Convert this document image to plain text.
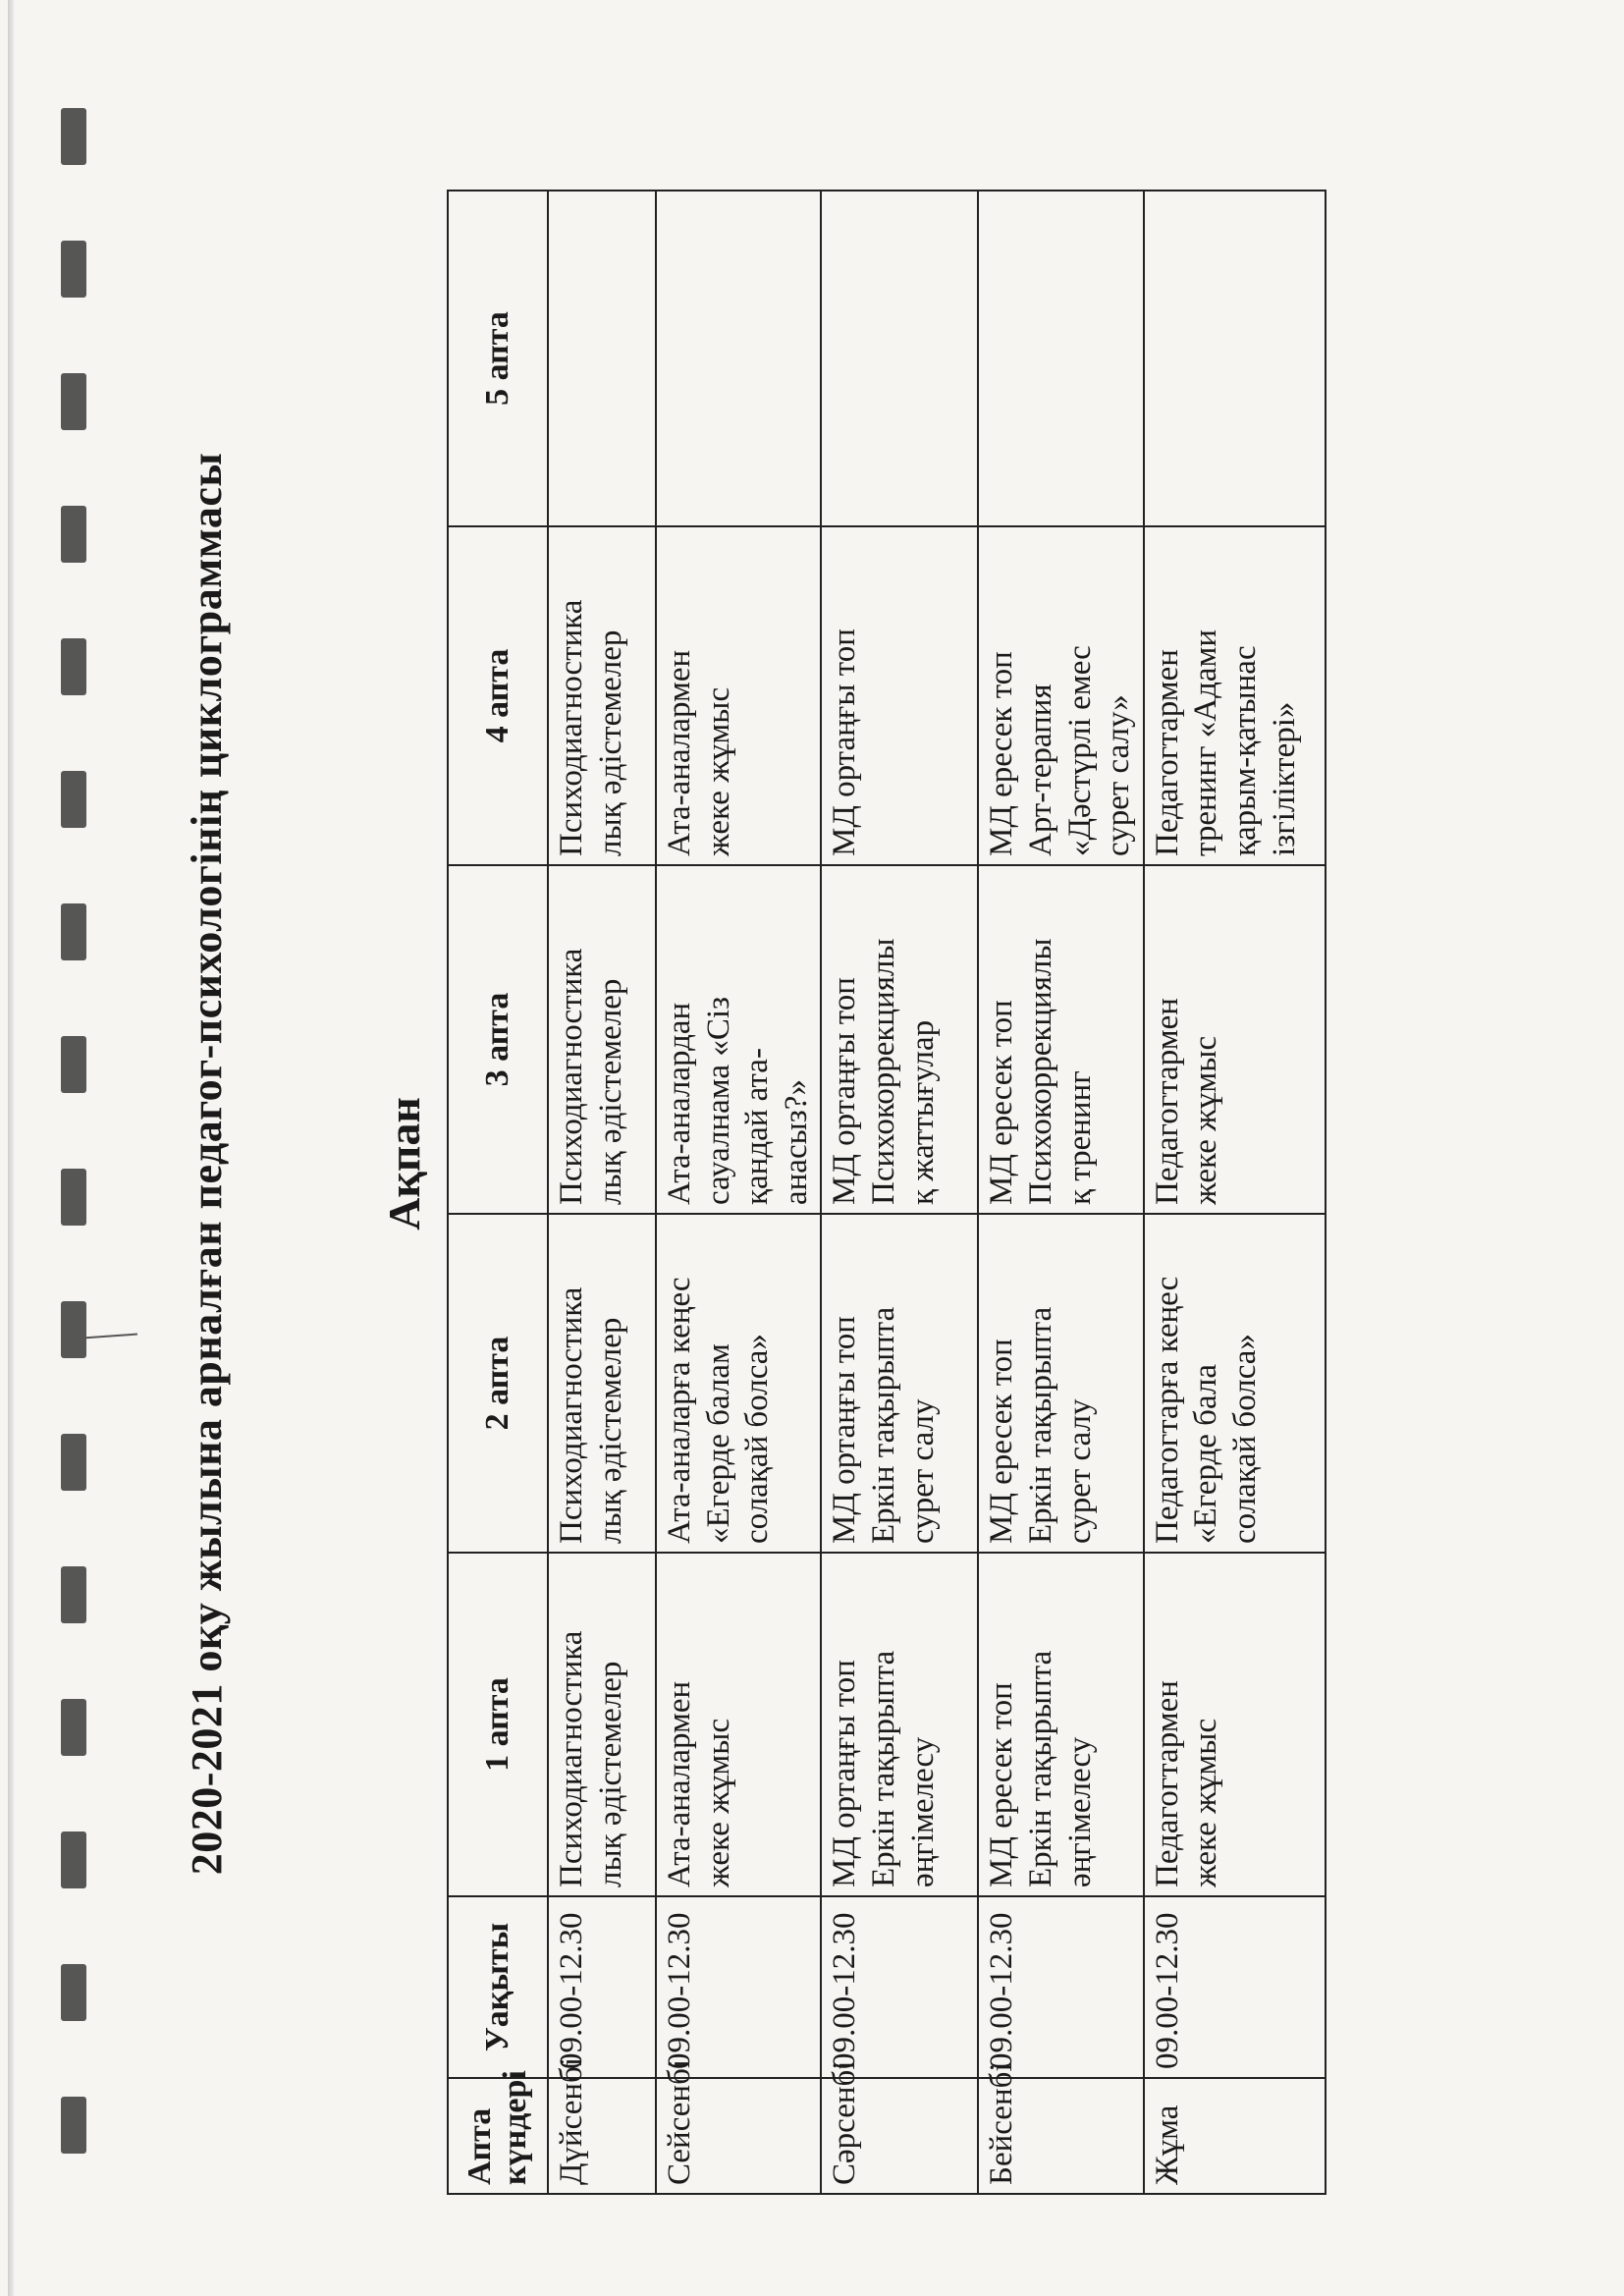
2020-2021 оқу жылына арналған педагог-психологінің циклограммасы	Ақпан
Апта күндері	Уақыты	1 апта	2 апта	3 апта	4 апта	5 апта
Дүйсенбі	09.00-12.30	Психодиагностика лық әдістемелер	Психодиагностика лық әдістемелер	Психодиагностика лық әдістемелер	Психодиагностика лық әдістемелер	

Сейсенбі	09.00-12.30	Ата-аналармен жеке жұмыс	Ата-аналарға кеңес «Егерде балам солақай болса»	Ата-аналардан сауалнама «Сіз қандай ата- анасыз?»	Ата-аналармен жеке жұмыс	

Сәрсенбі	09.00-12.30	МД ортаңғы топ Еркін тақырыпта әңгімелесу	МД ортаңғы топ Еркін тақырыпта сурет салу	МД ортаңғы топ Психокоррекциялы қ жаттығулар	МД ортаңғы топ	

Бейсенбі	09.00-12.30	МД ересек топ Еркін тақырыпта әңгімелесу	МД ересек топ Еркін тақырыпта сурет салу	МД ересек топ Психокоррекциялы қ тренинг	МД ересек топ Арт-терапия «Дәстүрлі емес сурет салу»	

Жұма	09.00-12.30	Педагогтармен жеке жұмыс	Педагогтарға кеңес «Егерде бала солақай болса»	Педагогтармен жеке жұмыс	Педагогтармен тренинг «Адами қарым-қатынас ізгіліктері»	
